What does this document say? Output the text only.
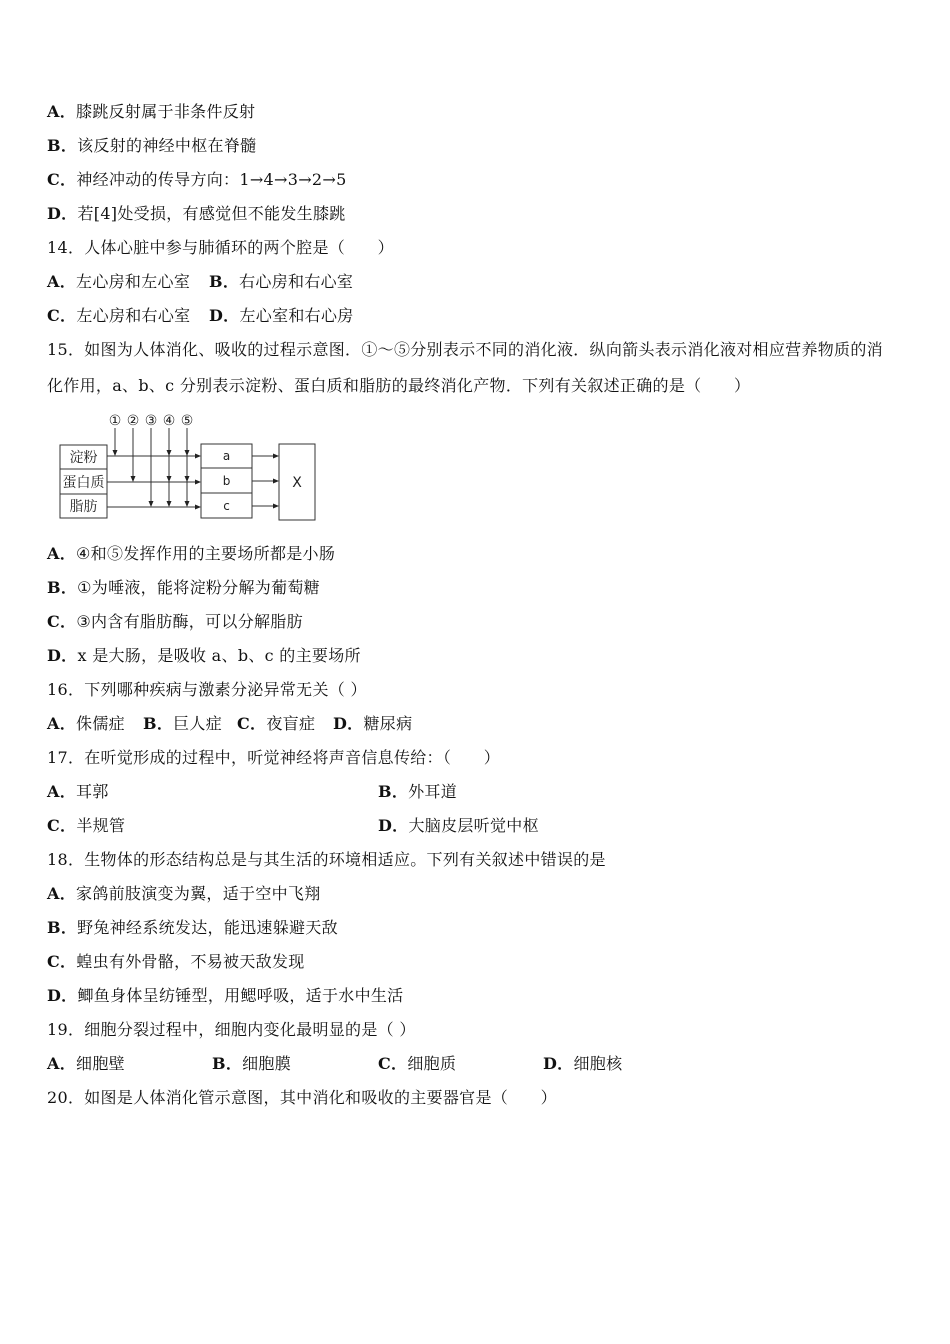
A．膝跳反射属于非条件反射
B．该反射的神经中枢在脊髓
C．神经冲动的传导方向：1→4→3→2→5
D．若[4]处受损，有感觉但不能发生膝跳
14．人体心脏中参与肺循环的两个腔是（　　）
A．左心房和左心室 B．右心房和右心室
C．左心房和右心室 D．左心室和右心房
15．如图为人体消化、吸收的过程示意图．①～⑤分别表示不同的消化液．纵向箭头表示消化液对相应营养物质的消
化作用，a、b、c 分别表示淀粉、蛋白质和脂肪的最终消化产物．下列有关叙述正确的是（　　）
① ② ③ ④ ⑤
淀粉
蛋白质
脂肪
a
b
c
X
A．④和⑤发挥作用的主要场所都是小肠
B．①为唾液，能将淀粉分解为葡萄糖
C．③内含有脂肪酶，可以分解脂肪
D．x 是大肠，是吸收 a、b、c 的主要场所
16．下列哪种疾病与激素分泌异常无关（ ）
A．侏儒症 B．巨人症 C．夜盲症 D．糖尿病
17．在听觉形成的过程中，听觉神经将声音信息传给：（　　）
A．耳郭	B．外耳道
C．半规管	D．大脑皮层听觉中枢
18．生物体的形态结构总是与其生活的环境相适应。下列有关叙述中错误的是
A．家鸽前肢演变为翼，适于空中飞翔
B．野兔神经系统发达，能迅速躲避天敌
C．蝗虫有外骨骼，不易被天敌发现
D．鲫鱼身体呈纺锤型，用鳃呼吸，适于水中生活
19．细胞分裂过程中，细胞内变化最明显的是（ ）
A．细胞壁	B．细胞膜	C．细胞质	D．细胞核
20．如图是人体消化管示意图，其中消化和吸收的主要器官是（　　）
